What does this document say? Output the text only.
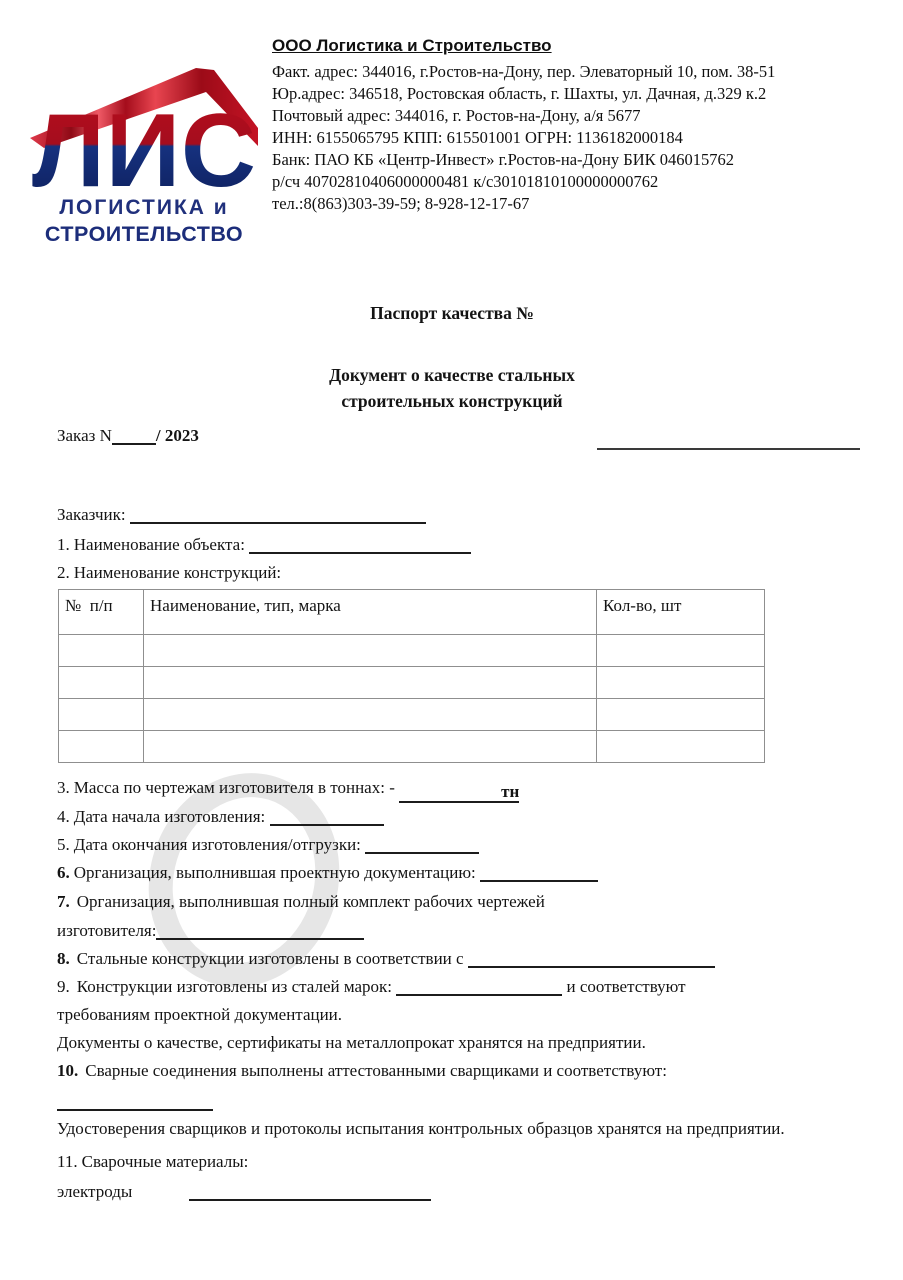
ЛИС
ЛОГИСТИКА и
СТРОИТЕЛЬСТВО
ООО Логистика и Строительство
Факт. адрес: 344016, г.Ростов-на-Дону, пер. Элеваторный 10, пом. 38-51
Юр.адрес: 346518, Ростовская область, г. Шахты, ул. Дачная, д.329 к.2
Почтовый адрес: 344016, г. Ростов-на-Дону, а/я 5677
ИНН: 6155065795 КПП: 615501001 ОГРН: 1136182000184
Банк: ПАО КБ «Центр-Инвест» г.Ростов-на-Дону БИК 046015762
р/сч 40702810406000000481 к/с30101810100000000762
тел.:8(863)303-39-59; 8-928-12-17-67
Паспорт качества №
Документ о качестве стальных
строительных конструкций
Заказ N	/ 2023
Заказчик:
1. Наименование объекта:
2. Наименование конструкций:
№  п/п	Наименование, тип, марка	Кол-во, шт

3. Масса по чертежам изготовителя в тоннах: -	тн
4. Дата начала изготовления:
5. Дата окончания изготовления/отгрузки:
6. Организация, выполнившая проектную документацию:
7. Организация, выполнившая полный комплект рабочих чертежей
изготовителя:
8. Стальные конструкции изготовлены в соответствии с
9. Конструкции изготовлены из сталей марок:	и соответствуют
требованиям проектной документации.
Документы о качестве, сертификаты на металлопрокат хранятся на предприятии.
10. Сварные соединения выполнены аттестованными сварщиками и соответствуют:
Удостоверения сварщиков и протоколы испытания контрольных образцов хранятся на предприятии.
11. Сварочные материалы:
электроды
